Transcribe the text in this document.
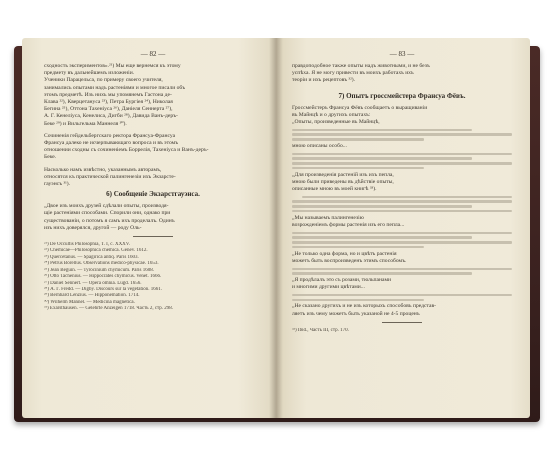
— 82 —
сходность экспериментов».²¹) Мы еще вернемся къ этому
предмету въ дальнейшемъ изложеніи.
Ученики Парацельса, по примеру своего учителя,
занимались опытами надъ растеніями и многое писали объ
этомъ предметѣ. Изъ нихъ мы упомянемъ Гастона де-
Клава ²²), Кверцетануса ²³), Петра Бургіея ²⁴), Николая
Бегина ²⁵), Оттона Тахеніуса ²⁶), Даніеля Сеннерта ²⁷),
А. Г. Кенеліуса, Кенелиса, Дигби ²⁸), Давида Ванъ-деръ-
Беке ²⁹) и Вильгельма Маннеля ³⁰).
Сочиненія гейдельбергскаго ректора Франсуа-Франсуа
Франсуа далеко не исчерпывающаго вопроса и въ этомъ
отношении сходны съ сочиненіемъ Боррелія, Тахеніуса и Ванъ-деръ-
Беке.
Насколько намъ извѣстно, указаннымъ авторамъ,
относятся къ практической палингенезіи ихъ Экзарсте-
гауэнсъ ³¹).
6) Сообщеніе Экзарстгауэнса.
„Двое изъ моихъ друзей сдѣлали опыты, производя-
щіе растеніями способами. Спорили они, однако при
существованіи, о потомъ я самъ ихъ проделалъ. Одинъ
изъ нихъ доверялся, другой — роду Оль-
²¹) De Occultis Philosophia, Т. I, с. ХХХV.
²²) Chemicae—Philosophica chemica. Genev. 1612.
²³) Quercetanus. — Spagirica antiq. Paris 1603.
²⁴) Petrus Borellus. Observations medico-physicae. 1653.
²⁵) Jean Beguin. — Tyrocinium chymicum. Paris 1608.
²⁶) Otto Tachenius. — Hippocrates chymicus. Venet. 1666.
²⁷) Daniel Sennert. — Opera omnia. Lugd. 1656.
²⁸) А. Г. Fredd. — Digby. Discours sur la vegetation. 1661.
²⁹) Bernhard Lenzius. — Hipponemation. 1714.
³⁰) Wilhelm Mannel. — Medicina magnetica.
³¹) Exarsthausen. — Gelehrte Anzeigen 1718. Часть 2, стр. 298.
— 83 —
правдоподобное также опыты надъ животными, и не безъ
успѣха. Я не могу привести въ моихъ работахъ ихъ
теоріи и ихъ рецептовъ ³²).
7) Опытъ гроссмейстера Франсуа Фёвъ.
Гроссмейстеръ Франсуа Фёвъ сообщаетъ о выращиваніи
въ Майнцѣ и о другихъ опытахъ:
„Опыты, произведенные въ Майнцѣ,
мною описаны особо...
„Для произведенія растеній изъ ихъ пепла,
мною были приведены въ дѣйствіе опыты,
описанные мною въ моей книгѣ ³³).
„Мы называемъ палингенезію
возрожденіемъ формы растенія изъ его пепла...
„Не только одна форма, но и цвѣтъ растенія
можетъ быть воспроизведенъ этимъ способомъ.
„Я продѣлалъ это съ розами, тюльпанами
и многими другими цвѣтами...
„Не сказано другихъ и не изъ которыхъ способовъ представ-
ляетъ изъ чему можетъ быть указаной не 4-5 проценъ
³²) Ibid., Часть III, стр. 170.
